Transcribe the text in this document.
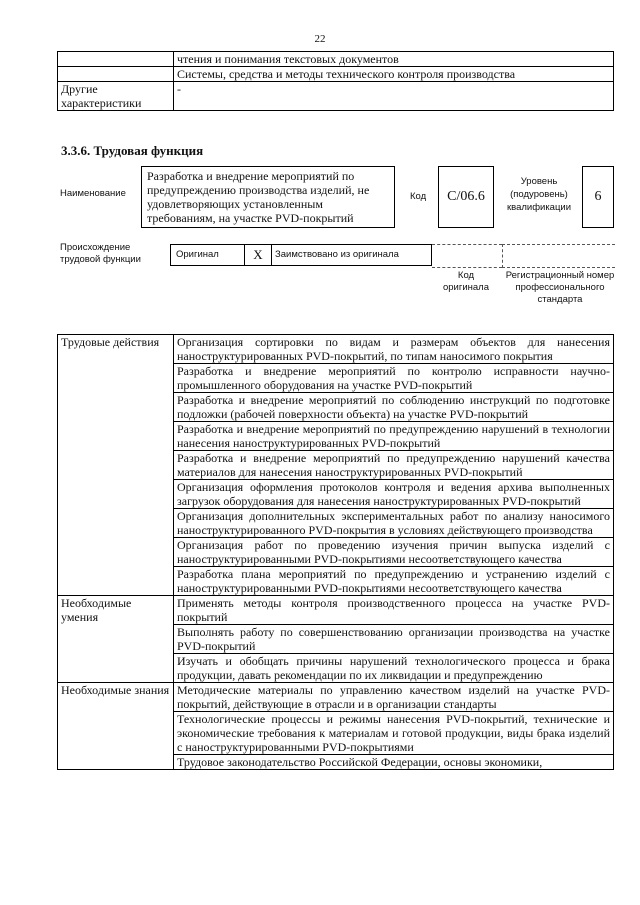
22
	чтения и понимания текстовых документов
	Системы, средства и методы технического контроля производства
Другие характеристики	-
3.3.6. Трудовая функция
Наименование
Разработка и внедрение мероприятий по предупреждению производства изделий, не удовлетворяющих установленным требованиям, на участке PVD-покрытий
Код	С/06.6
Уровень (подуровень) квалификации
6
Происхождение трудовой функции	Оригинал	X	Заимствовано из оригинала
Код оригинала
Регистрационный номер профессионального стандарта
Трудовые действия	Организация сортировки по видам и размерам объектов для нанесения наноструктурированных PVD-покрытий, по типам наносимого покрытия
	Разработка и внедрение мероприятий по контролю исправности научно-промышленного оборудования на участке PVD-покрытий
	Разработка и внедрение мероприятий по соблюдению инструкций по подготовке подложки (рабочей поверхности объекта) на участке PVD-покрытий
	Разработка и внедрение мероприятий по предупреждению нарушений в технологии нанесения наноструктурированных PVD-покрытий
	Разработка и внедрение мероприятий по предупреждению нарушений качества материалов для нанесения наноструктурированных PVD-покрытий
	Организация оформления протоколов контроля и ведения архива выполненных загрузок оборудования для нанесения наноструктурированных PVD-покрытий
	Организация дополнительных экспериментальных работ по анализу наносимого наноструктурированного PVD-покрытия в условиях действующего производства
	Организация работ по проведению изучения причин выпуска изделий с наноструктурированными PVD-покрытиями несоответствующего качества
	Разработка плана мероприятий по предупреждению и устранению изделий с наноструктурированными PVD-покрытиями несоответствующего качества
Необходимые умения	Применять методы контроля производственного процесса на участке PVD-покрытий
	Выполнять работу по совершенствованию организации производства на участке PVD-покрытий
	Изучать и обобщать причины нарушений технологического процесса и брака продукции, давать рекомендации по их ликвидации и предупреждению
Необходимые знания	Методические материалы по управлению качеством изделий на участке PVD-покрытий, действующие в отрасли и в организации стандарты
	Технологические процессы и режимы нанесения PVD-покрытий, технические и экономические требования к материалам и готовой продукции, виды брака изделий с наноструктурированными PVD-покрытиями
	Трудовое законодательство Российской Федерации, основы экономики,
